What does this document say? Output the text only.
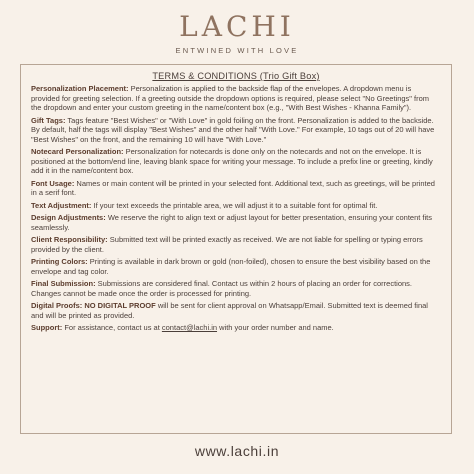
LACHI
ENTWINED WITH LOVE
TERMS & CONDITIONS (Trio Gift Box)

Personalization Placement: Personalization is applied to the backside flap of the envelopes. A dropdown menu is provided for greeting selection. If a greeting outside the dropdown options is required, please select "No Greetings" from the dropdown and enter your custom greeting in the name/content box (e.g., "With Best Wishes - Khanna Family").

Gift Tags: Tags feature "Best Wishes" or "With Love" in gold foiling on the front. Personalization is added to the backside. By default, half the tags will display "Best Wishes" and the other half "With Love." For example, 10 tags out of 20 will have "Best Wishes" on the front, and the remaining 10 will have "With Love."

Notecard Personalization: Personalization for notecards is done only on the notecards and not on the envelope. It is positioned at the bottom/end line, leaving blank space for writing your message. To include a prefix line or greeting, kindly add it in the name/content box.

Font Usage: Names or main content will be printed in your selected font. Additional text, such as greetings, will be printed in a serif font.

Text Adjustment: If your text exceeds the printable area, we will adjust it to a suitable font for optimal fit.

Design Adjustments: We reserve the right to align text or adjust layout for better presentation, ensuring your content fits seamlessly.

Client Responsibility: Submitted text will be printed exactly as received. We are not liable for spelling or typing errors provided by the client.

Printing Colors: Printing is available in dark brown or gold (non-foiled), chosen to ensure the best visibility based on the envelope and tag color.

Final Submission: Submissions are considered final. Contact us within 2 hours of placing an order for corrections. Changes cannot be made once the order is processed for printing.

Digital Proofs: NO DIGITAL PROOF will be sent for client approval on Whatsapp/Email. Submitted text is deemed final and will be printed as provided.

Support: For assistance, contact us at contact@lachi.in with your order number and name.

www.lachi.in
